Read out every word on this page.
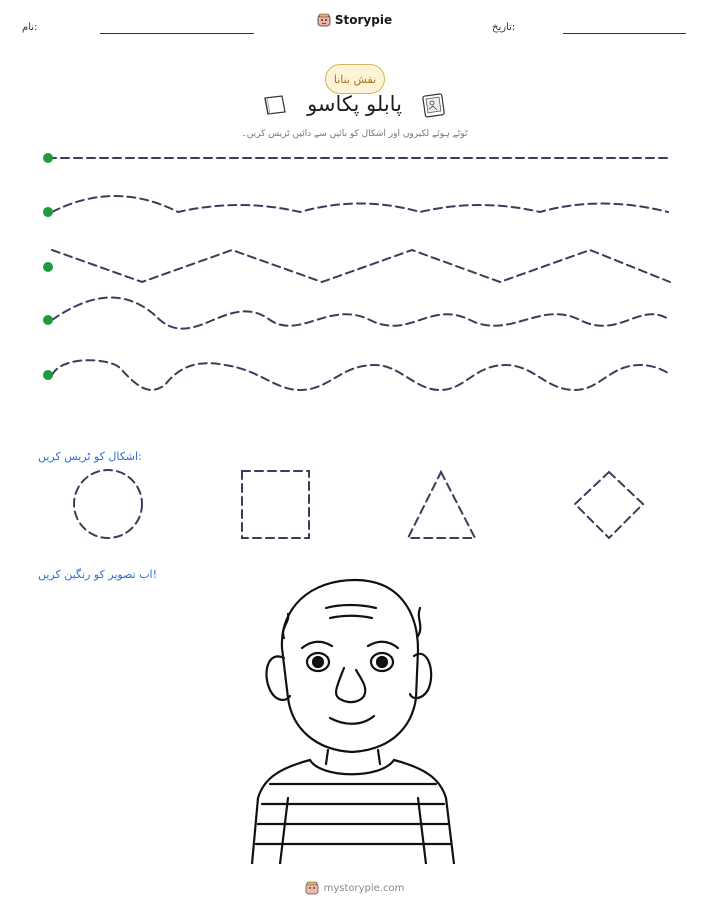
نام:
Storypie
تاریخ:
نقش بنانا
پابلو پکاسو
ٹوٹے ہوئے لکیروں اور اشکال کو بائیں سے دائیں ٹریس کریں۔
اشکال کو ٹریس کریں:
اب تصویر کو رنگین کریں!
mystorypie.com
